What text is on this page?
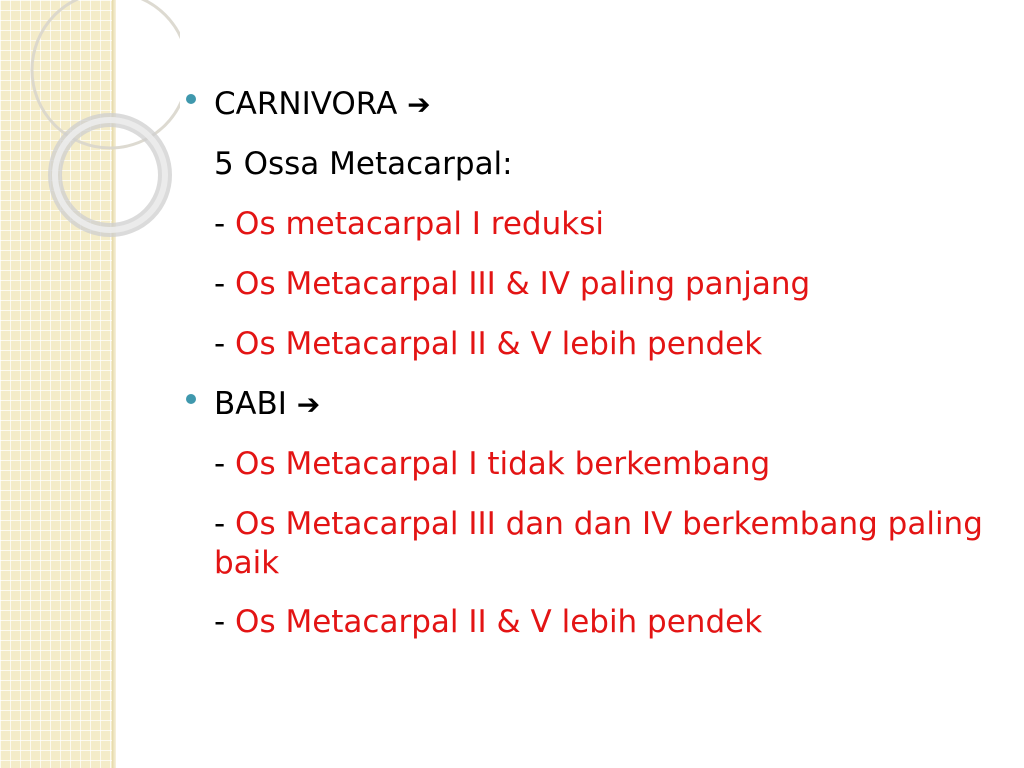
CARNIVORA ➔
5 Ossa Metacarpal:
- Os metacarpal I reduksi
- Os Metacarpal III & IV paling panjang
- Os Metacarpal II & V lebih pendek
BABI ➔
- Os Metacarpal I tidak berkembang
- Os Metacarpal III dan dan IV berkembang paling baik
- Os Metacarpal II & V lebih pendek
